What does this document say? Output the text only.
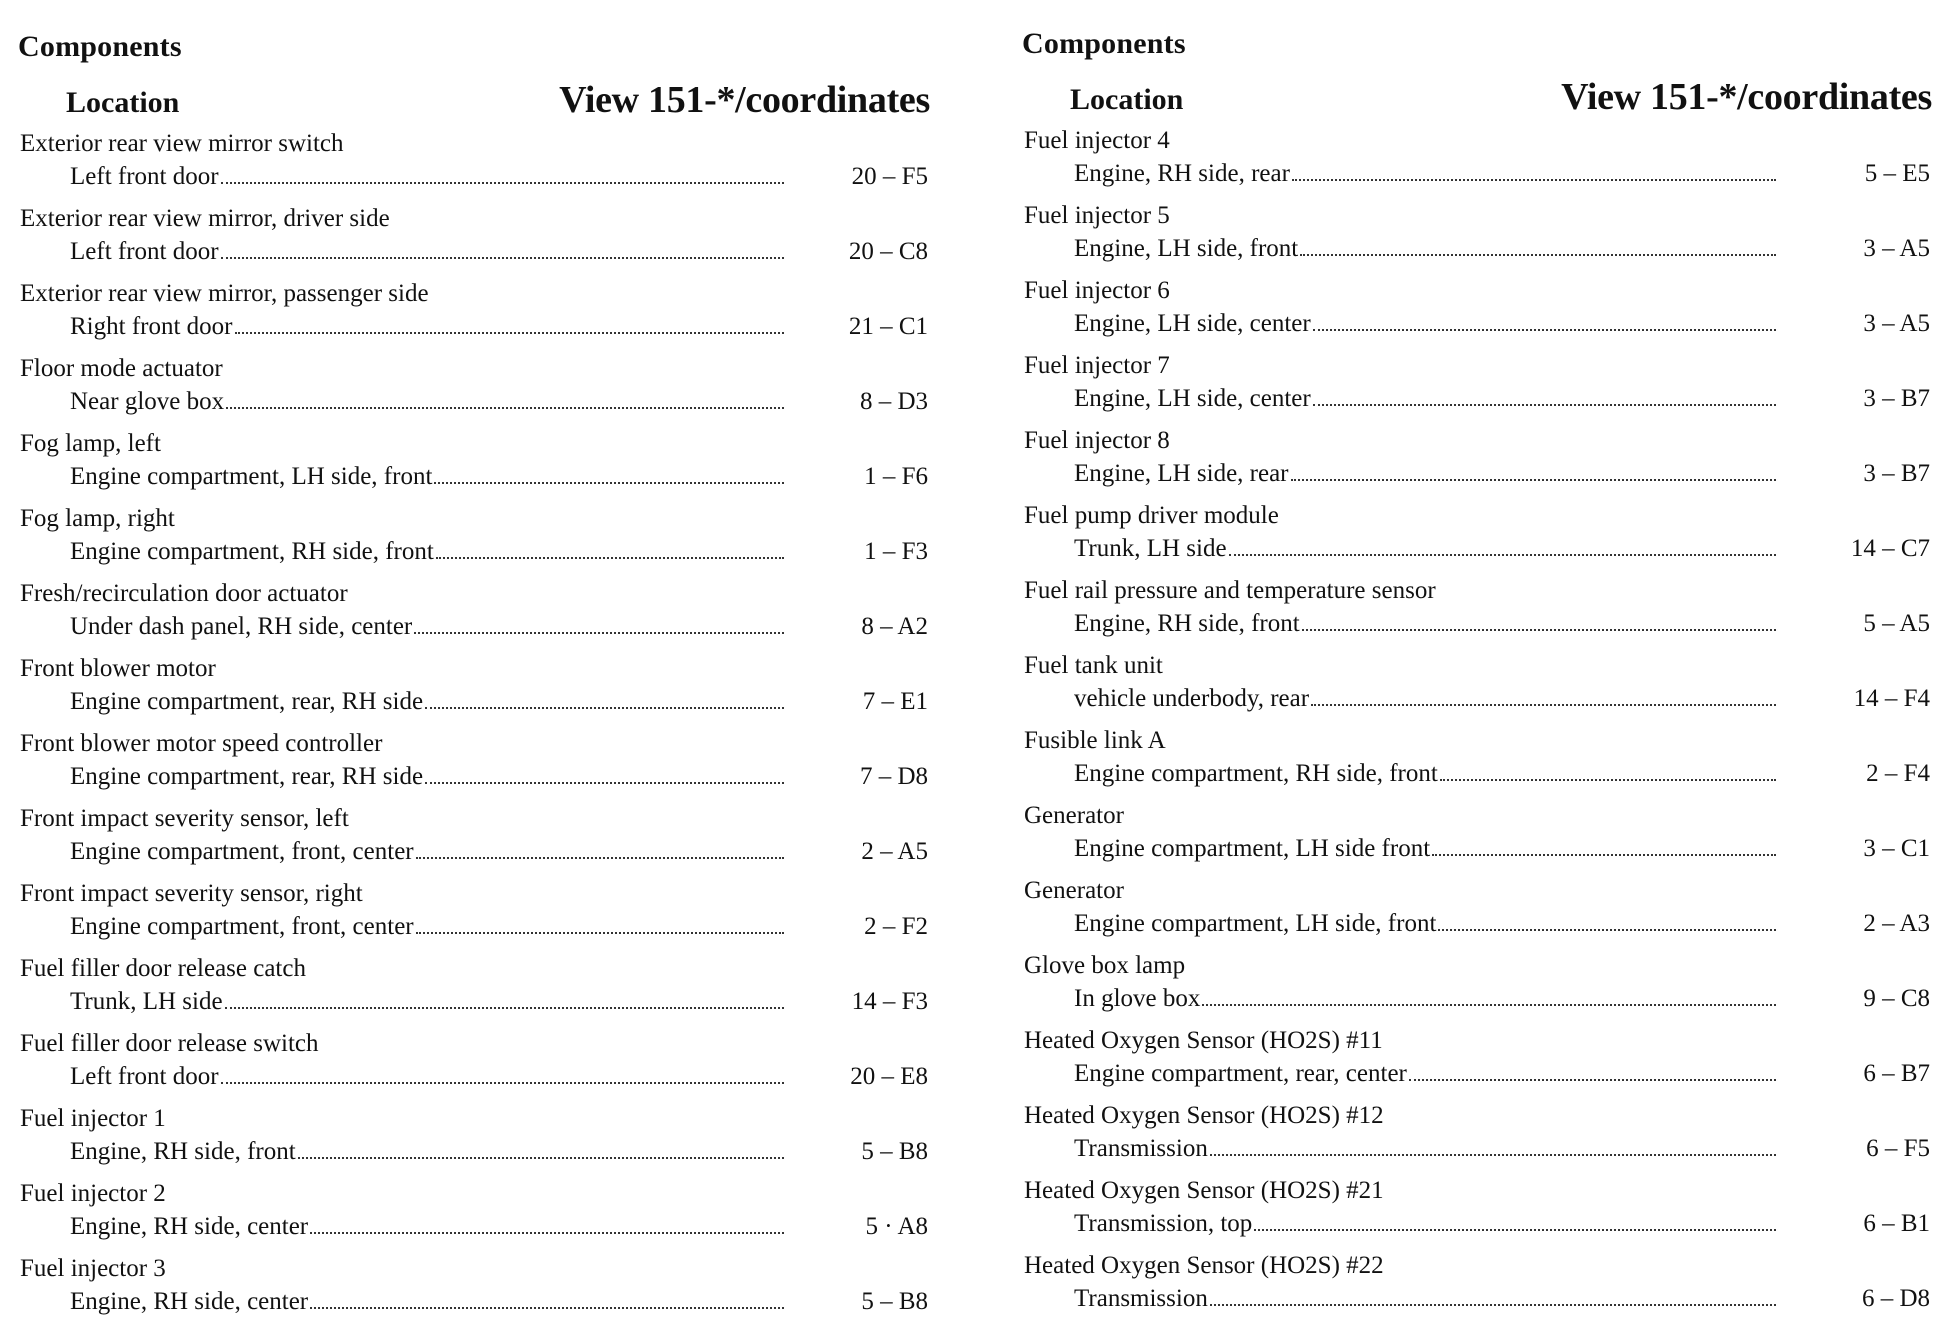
Components
Location	View 151-*/coordinates
Exterior rear view mirror switch
Left front door	20 – F5
Exterior rear view mirror, driver side
Left front door	20 – C8
Exterior rear view mirror, passenger side
Right front door	21 – C1
Floor mode actuator
Near glove box	8 – D3
Fog lamp, left
Engine compartment, LH side, front	1 – F6
Fog lamp, right
Engine compartment, RH side, front	1 – F3
Fresh/recirculation door actuator
Under dash panel, RH side, center	8 – A2
Front blower motor
Engine compartment, rear, RH side	7 – E1
Front blower motor speed controller
Engine compartment, rear, RH side	7 – D8
Front impact severity sensor, left
Engine compartment, front, center	2 – A5
Front impact severity sensor, right
Engine compartment, front, center	2 – F2
Fuel filler door release catch
Trunk, LH side	14 – F3
Fuel filler door release switch
Left front door	20 – E8
Fuel injector 1
Engine, RH side, front	5 – B8
Fuel injector 2
Engine, RH side, center	5 · A8
Fuel injector 3
Engine, RH side, center	5 – B8
Components
Location	View 151-*/coordinates
Fuel injector 4
Engine, RH side, rear	5 – E5
Fuel injector 5
Engine, LH side, front	3 – A5
Fuel injector 6
Engine, LH side, center	3 – A5
Fuel injector 7
Engine, LH side, center	3 – B7
Fuel injector 8
Engine, LH side, rear	3 – B7
Fuel pump driver module
Trunk, LH side	14 – C7
Fuel rail pressure and temperature sensor
Engine, RH side, front	5 – A5
Fuel tank unit
vehicle underbody, rear	14 – F4
Fusible link A
Engine compartment, RH side, front	2 – F4
Generator
Engine compartment, LH side front	3 – C1
Generator
Engine compartment, LH side, front	2 – A3
Glove box lamp
In glove box	9 – C8
Heated Oxygen Sensor (HO2S) #11
Engine compartment, rear, center	6 – B7
Heated Oxygen Sensor (HO2S) #12
Transmission	6 – F5
Heated Oxygen Sensor (HO2S) #21
Transmission, top	6 – B1
Heated Oxygen Sensor (HO2S) #22
Transmission	6 – D8
